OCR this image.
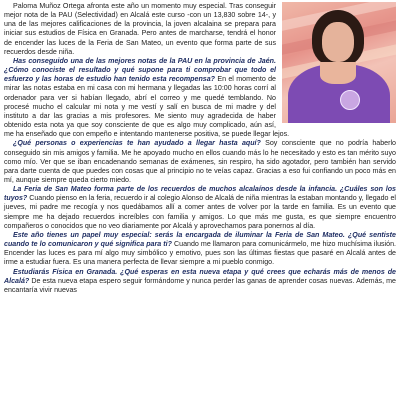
Paloma Muñoz Ortega afronta este año un momento muy especial. Tras conseguir mejor nota de la PAU (Selectividad) en Alcalá este curso -con un 13,830 sobre 14-, y una de las mejores calificaciones de la provincia, la joven alcalaina se prepara para iniciar sus estudios de Física en Granada. Pero antes de marcharse, tendrá el honor de encender las luces de la Feria de San Mateo, un evento que forma parte de sus recuerdos desde niña.

Has conseguido una de las mejores notas de la PAU en la provincia de Jaén. ¿Cómo conociste el resultado y qué supone para ti comprobar que todo el esfuerzo y las horas de estudio han tenido esta recompensa? En el momento de mirar las notas estaba en mi casa con mi hermana y llegadas las 10:00 horas corrí al ordenador para ver si habían llegado, abrí el correo y me quedé temblando. No procesé mucho el calcular mi nota y me vestí y salí en busca de mi madre y del instituto a dar las gracias a mis profesores. Me siento muy agradecida de haber obtenido esta nota ya que soy consciente de que es algo muy complicado, aún así, me ha enseñado que con empeño e intentando mantenerse positiva, se puede llegar lejos.

¿Qué personas o experiencias te han ayudado a llegar hasta aquí? Soy consciente que no podría haberlo conseguido sin mis amigos y familia. Me he apoyado mucho en ellos cuando más lo he necesitado y esto es tan mérito suyo como mío. Ver que se iban encadenando semanas de exámenes, sin respiro, ha sido agotador, pero también han servido para darte cuenta de que puedes con cosas que al principio no te veías capaz. Gracias a eso fui confiando un poco más en mí, aunque siempre queda cierto miedo.

La Feria de San Mateo forma parte de los recuerdos de muchos alcalaínos desde la infancia. ¿Cuáles son los tuyos? Cuando pienso en la feria, recuerdo ir al colegio Alonso de Alcalá de niña mientras la estaban montando y, llegado el jueves, mi padre me recogía y nos quedábamos allí a comer antes de volver por la tarde en familia. Es un evento que siempre me ha dejado recuerdos increíbles con familia y amigos. Lo que más me gusta, es que siempre encuentro compañeros o conocidos que no veo diariamente por Alcalá y aprovechamos para ponernos al día.

Este año tienes un papel muy especial: serás la encargada de iluminar la Feria de San Mateo. ¿Qué sentiste cuando te lo comunicaron y qué significa para ti? Cuando me llamaron para comunicármelo, me hizo muchísima ilusión. Encender las luces es para mí algo muy simbólico y emotivo, pues son las últimas fiestas que pasaré en Alcalá antes de irme a estudiar fuera. Es una manera perfecta de llevar siempre a mi pueblo conmigo.

Estudiarás Física en Granada. ¿Qué esperas en esta nueva etapa y qué crees que echarás más de menos de Alcalá? De esta nueva etapa espero seguir formándome y nunca perder las ganas de aprender cosas nuevas. Además, me encantaría vivir nuevas
